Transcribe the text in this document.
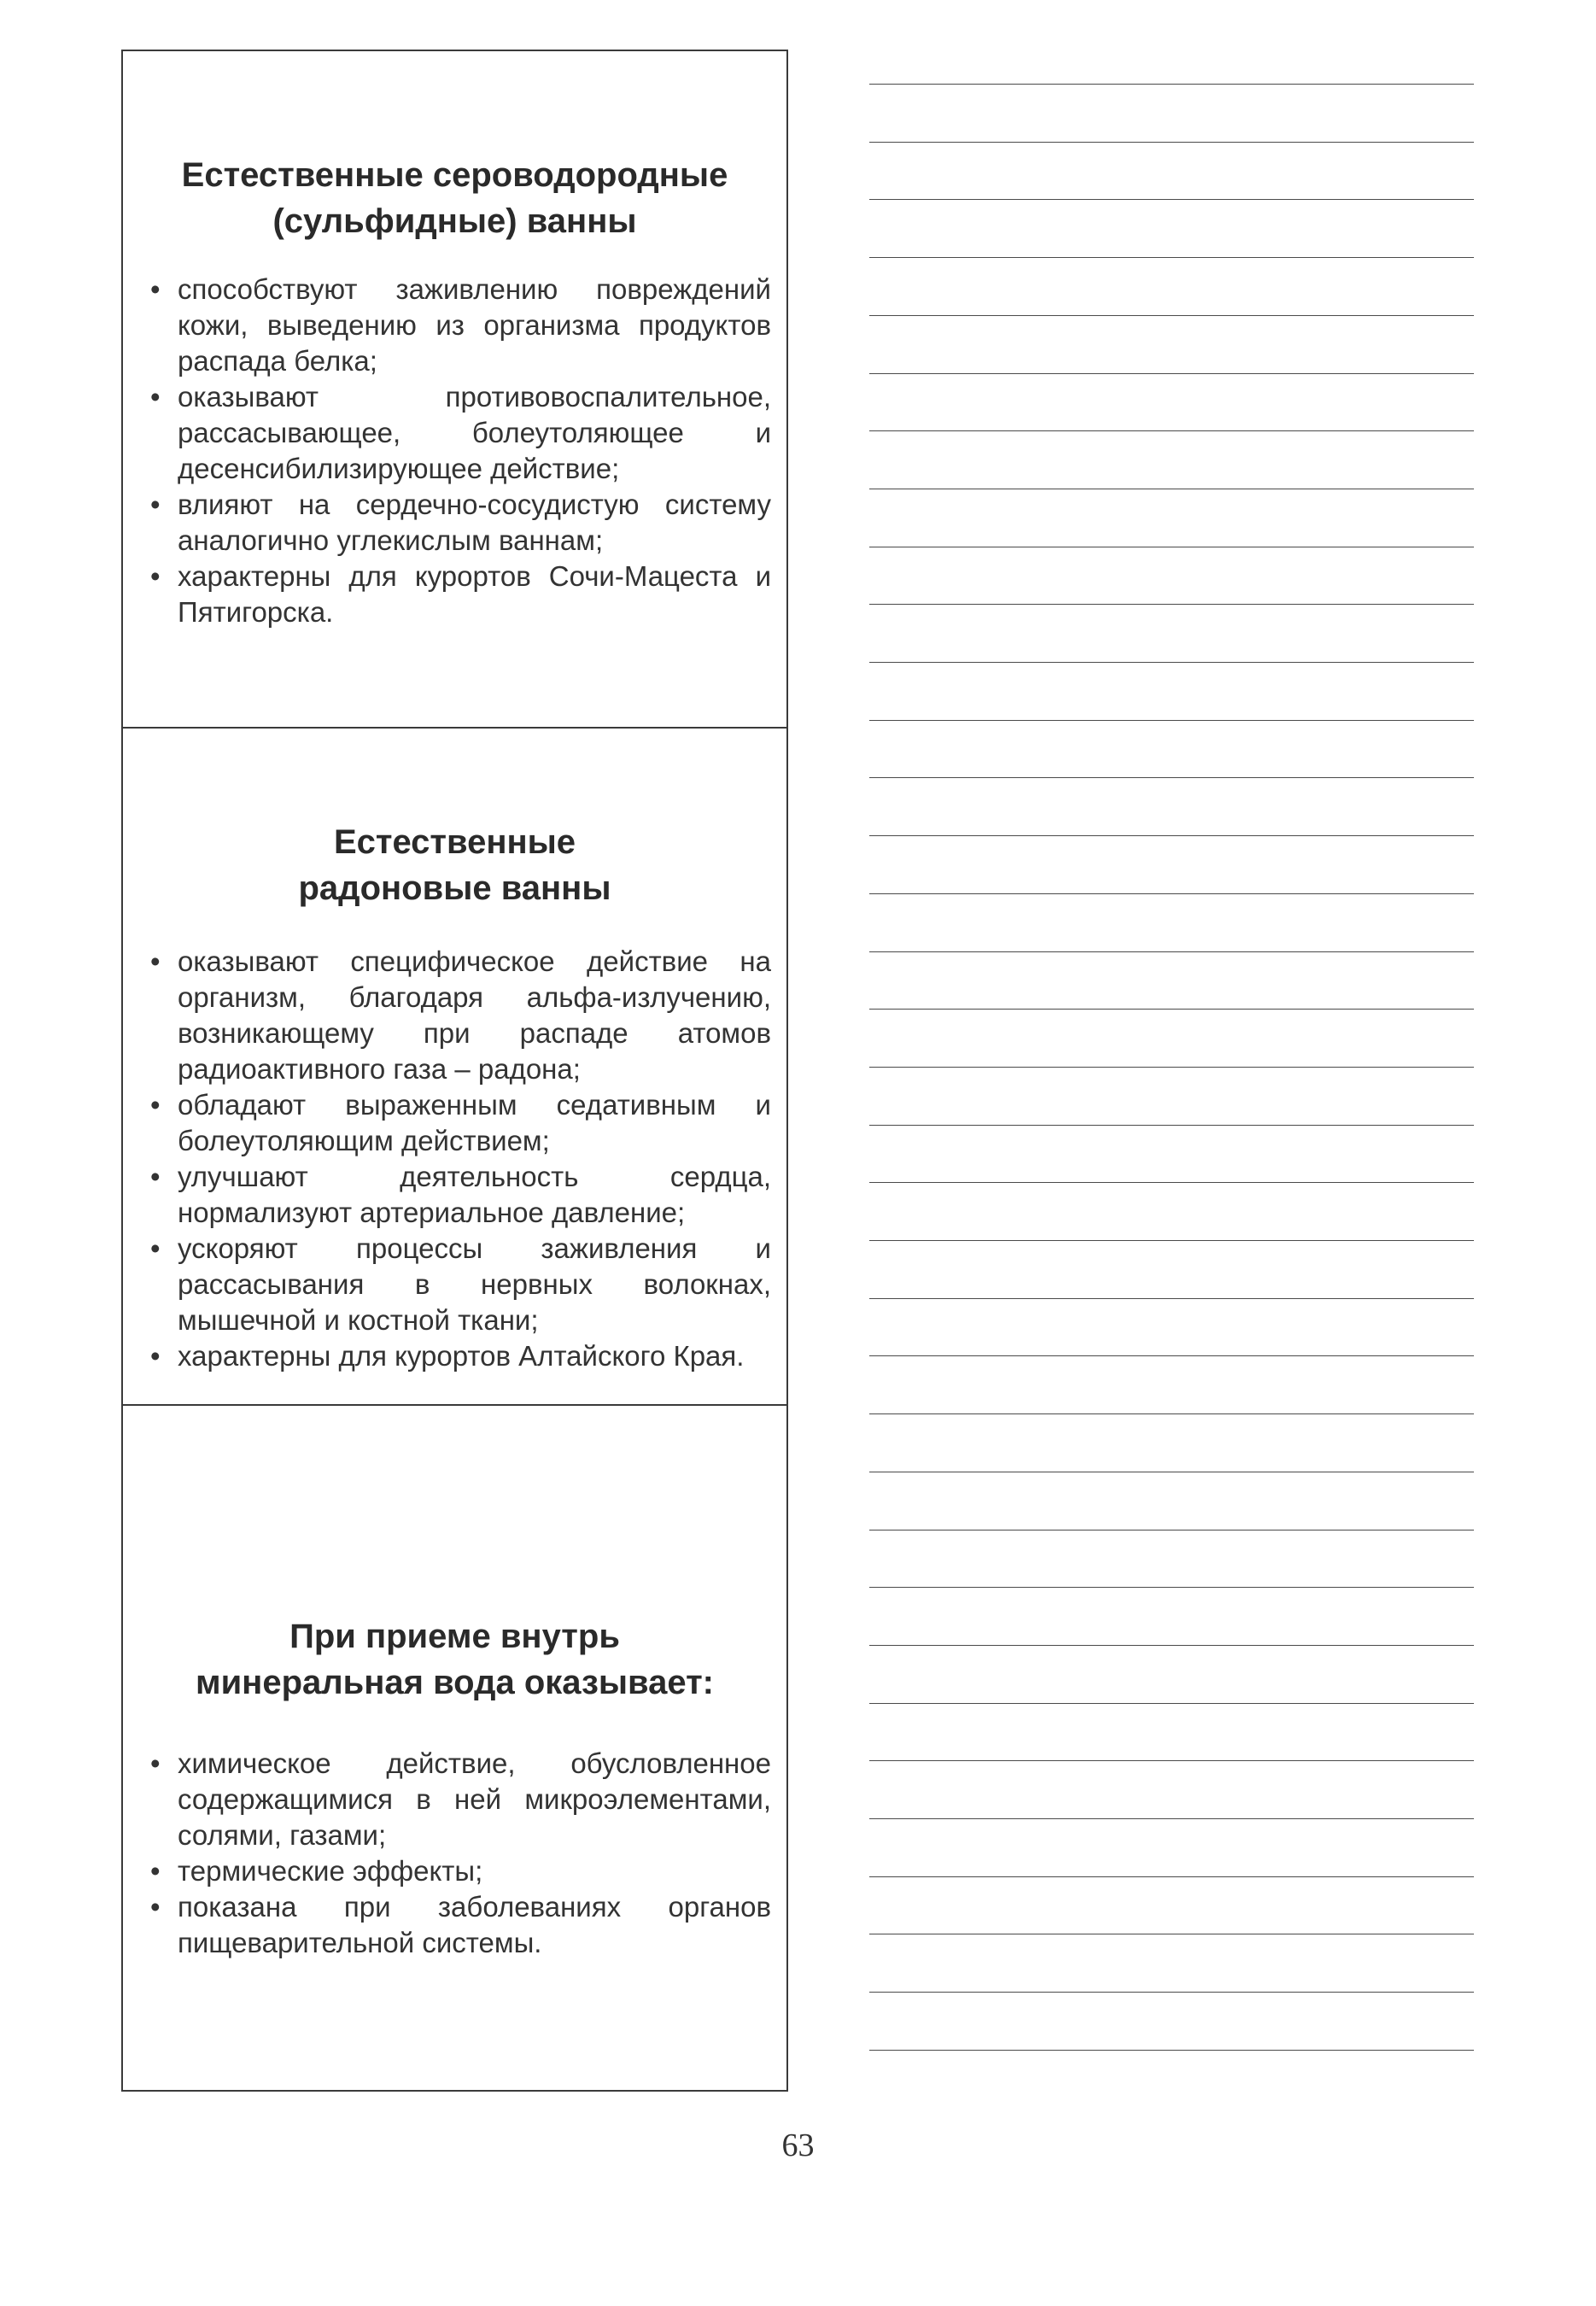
Естественные сероводородные
(сульфидные) ванны
• способствуют заживлению повреждений кожи, выведению из организма продуктов распада белка;
• оказывают противовоспалительное, рассасывающее, болеутоляющее и десенсибилизирующее действие;
• влияют на сердечно-сосудистую систему аналогично углекислым ваннам;
• характерны для курортов Сочи-Мацеста и Пятигорска.
Естественные
радоновые ванны
• оказывают специфическое действие на организм, благодаря альфа-излучению, возникающему при распаде атомов радиоактивного газа – радона;
• обладают выраженным седативным и болеутоляющим действием;
• улучшают деятельность сердца, нормализуют артериальное давление;
• ускоряют процессы заживления и рассасывания в нервных волокнах, мышечной и костной ткани;
• характерны для курортов Алтайского Края.
При приеме внутрь
минеральная вода оказывает:
• химическое действие, обусловленное содержащимися в ней микроэлементами, солями, газами;
• термические эффекты;
• показана при заболеваниях органов пищеварительной системы.
63
